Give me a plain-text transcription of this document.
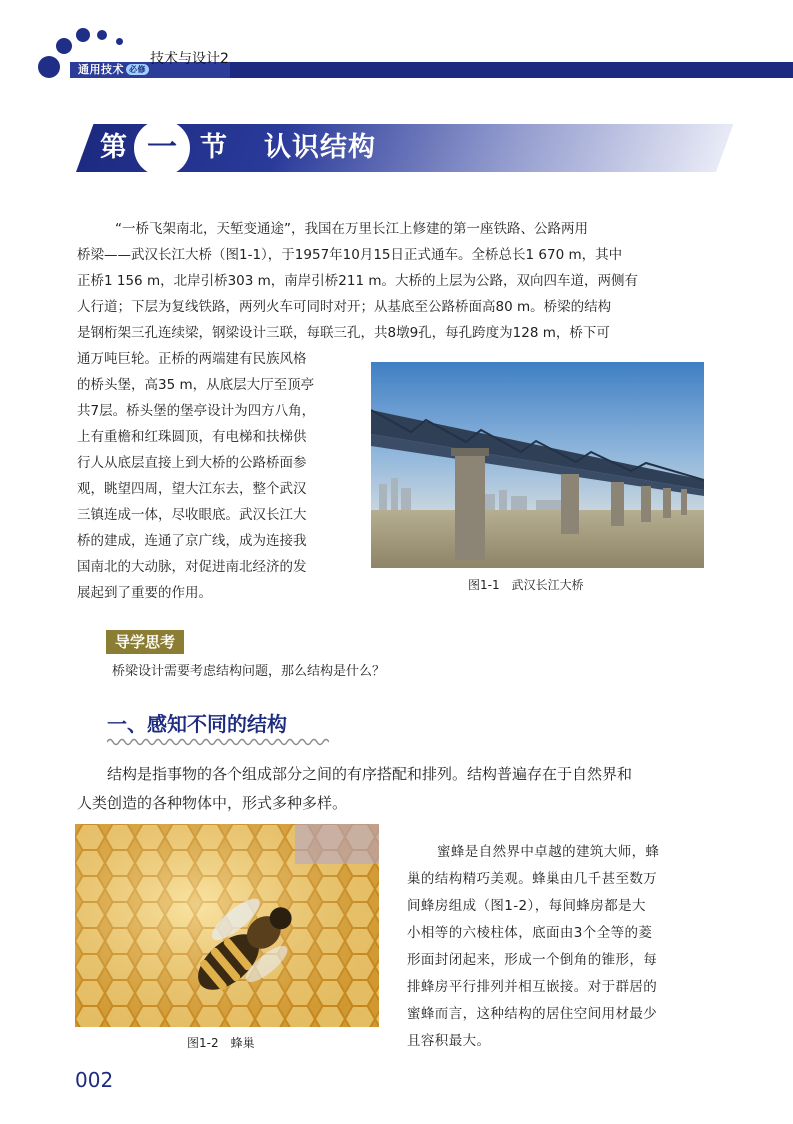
通用技术 必修
技术与设计2
第 一 节 认识结构
“一桥飞架南北，天堑变通途”，我国在万里长江上修建的第一座铁路、公路两用
桥梁——武汉长江大桥（图1-1），于1957年10月15日正式通车。全桥总长1 670 m，其中
正桥1 156 m，北岸引桥303 m，南岸引桥211 m。大桥的上层为公路，双向四车道，两侧有
人行道；下层为复线铁路，两列火车可同时对开；从基底至公路桥面高80 m。桥梁的结构
是钢桁架三孔连续梁，钢梁设计三联，每联三孔，共8墩9孔，每孔跨度为128 m，桥下可
通万吨巨轮。正桥的两端建有民族风格
的桥头堡，高35 m，从底层大厅至顶亭
共7层。桥头堡的堡亭设计为四方八角，
上有重檐和红珠圆顶，有电梯和扶梯供
行人从底层直接上到大桥的公路桥面参
观，眺望四周，望大江东去，整个武汉
三镇连成一体，尽收眼底。武汉长江大
桥的建成，连通了京广线，成为连接我
国南北的大动脉，对促进南北经济的发
展起到了重要的作用。	图1-1　武汉长江大桥
导学思考
桥梁设计需要考虑结构问题，那么结构是什么？
一、感知不同的结构
结构是指事物的各个组成部分之间的有序搭配和排列。结构普遍存在于自然界和
人类创造的各种物体中，形式多种多样。
图1-2　蜂巢
蜜蜂是自然界中卓越的建筑大师，蜂
巢的结构精巧美观。蜂巢由几千甚至数万
间蜂房组成（图1-2），每间蜂房都是大
小相等的六棱柱体，底面由3个全等的菱
形面封闭起来，形成一个倒角的锥形，每
排蜂房平行排列并相互嵌接。对于群居的
蜜蜂而言，这种结构的居住空间用材最少
且容积最大。
002
